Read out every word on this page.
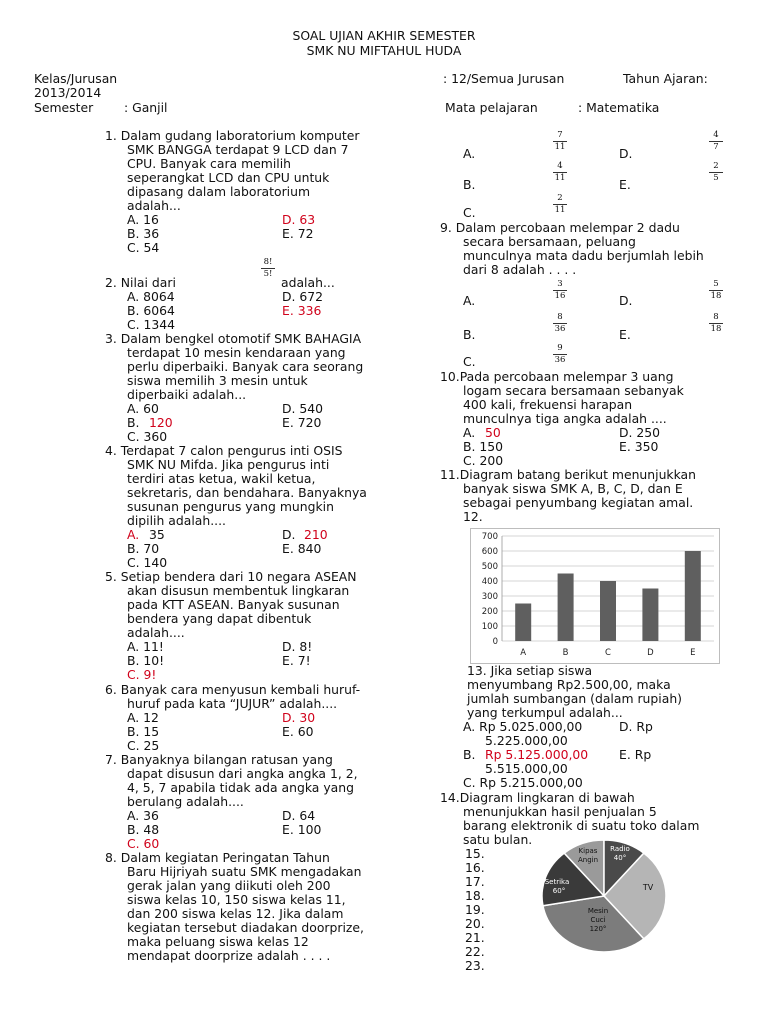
SOAL UJIAN AKHIR SEMESTER
SMK NU MIFTAHUL HUDA
Kelas/Jurusan	: 12/Semua Jurusan	Tahun Ajaran:
2013/2014
Semester : Ganjil	Mata pelajaran	: Matematika
1. Dalam gudang laboratorium komputer
SMK BANGGA terdapat 9 LCD dan 7
CPU. Banyak cara memilih
seperangkat LCD dan CPU untuk
dipasang dalam laboratorium
adalah...
A. 16
B. 36
C. 54
D. 63
E. 72
2. Nilai dari
$\frac{8!}{5!}$
adalah...
A. 8064
B. 6064
C. 1344
D. 672
E. 336
3. Dalam bengkel otomotif SMK BAHAGIA
terdapat 10 mesin kendaraan yang
perlu diperbaiki. Banyak cara seorang
siswa memilih 3 mesin untuk
diperbaiki adalah...
A. 60
B. 120
C. 360
D. 540
E. 720
4. Terdapat 7 calon pengurus inti OSIS
SMK NU Mifda. Jika pengurus inti
terdiri atas ketua, wakil ketua,
sekretaris, dan bendahara. Banyaknya
susunan pengurus yang mungkin
dipilih adalah....
A. 35
B. 70
C. 140
D. 210
E. 840
5. Setiap bendera dari 10 negara ASEAN
akan disusun membentuk lingkaran
pada KTT ASEAN. Banyak susunan
bendera yang dapat dibentuk
adalah....
A. 11!
B. 10!
C. 9!
D. 8!
E. 7!
6. Banyak cara menyusun kembali huruf-
huruf pada kata “JUJUR” adalah....
A. 12
B. 15
C. 25
D. 30
E. 60
7. Banyaknya bilangan ratusan yang
dapat disusun dari angka angka 1, 2,
4, 5, 7 apabila tidak ada angka yang
berulang adalah....
A. 36
B. 48
C. 60
D. 64
E. 100
8. Dalam kegiatan Peringatan Tahun
Baru Hijriyah suatu SMK mengadakan
gerak jalan yang diikuti oleh 200
siswa kelas 10, 150 siswa kelas 11,
dan 200 siswa kelas 12. Jika dalam
kegiatan tersebut diadakan doorprize,
maka peluang siswa kelas 12
mendapat doorprize adalah . . . .
A.
$\frac{7}{11}$
B.
$\frac{4}{11}$
C.	$\frac{2}{11}$
D.
$\frac{4}{7}$
E.
$\frac{2}{5}$
9. Dalam percobaan melempar 2 dadu
secara bersamaan, peluang
munculnya mata dadu berjumlah lebih
dari 8 adalah . . . .
A.	$\frac{3}{16}$
B.
$\frac{8}{36}$
C.	$\frac{9}{36}$
D.	$\frac{5}{18}$
E.
$\frac{8}{18}$
10.Pada percobaan melempar 3 uang
logam secara bersamaan sebanyak
400 kali, frekuensi harapan
munculnya tiga angka adalah ....
A. 50
B. 150
C. 200
D. 250
E. 350
11.Diagram batang berikut menunjukkan
banyak siswa SMK A, B, C, D, dan E
sebagai penyumbang kegiatan amal.
12.
0
100
200
300
400
500
600
700
A	B	C	D	E
13. Jika setiap siswa
menyumbang Rp2.500,00, maka
jumlah sumbangan (dalam rupiah)
yang terkumpul adalah...
A. Rp 5.025.000,00
5.225.000,00
B. Rp 5.125.000,00
5.515.000,00
C. Rp 5.215.000,00
D. Rp
E. Rp
14.Diagram lingkaran di bawah
menunjukkan hasil penjualan 5
barang elektronik di suatu toko dalam
satu bulan.
15.
16.
17.
18.
19.
20.
21.
22.
23.
Kipas
Angin
Radio
40°
TV
Mesin
Cuci
120°
Setrika
60°
